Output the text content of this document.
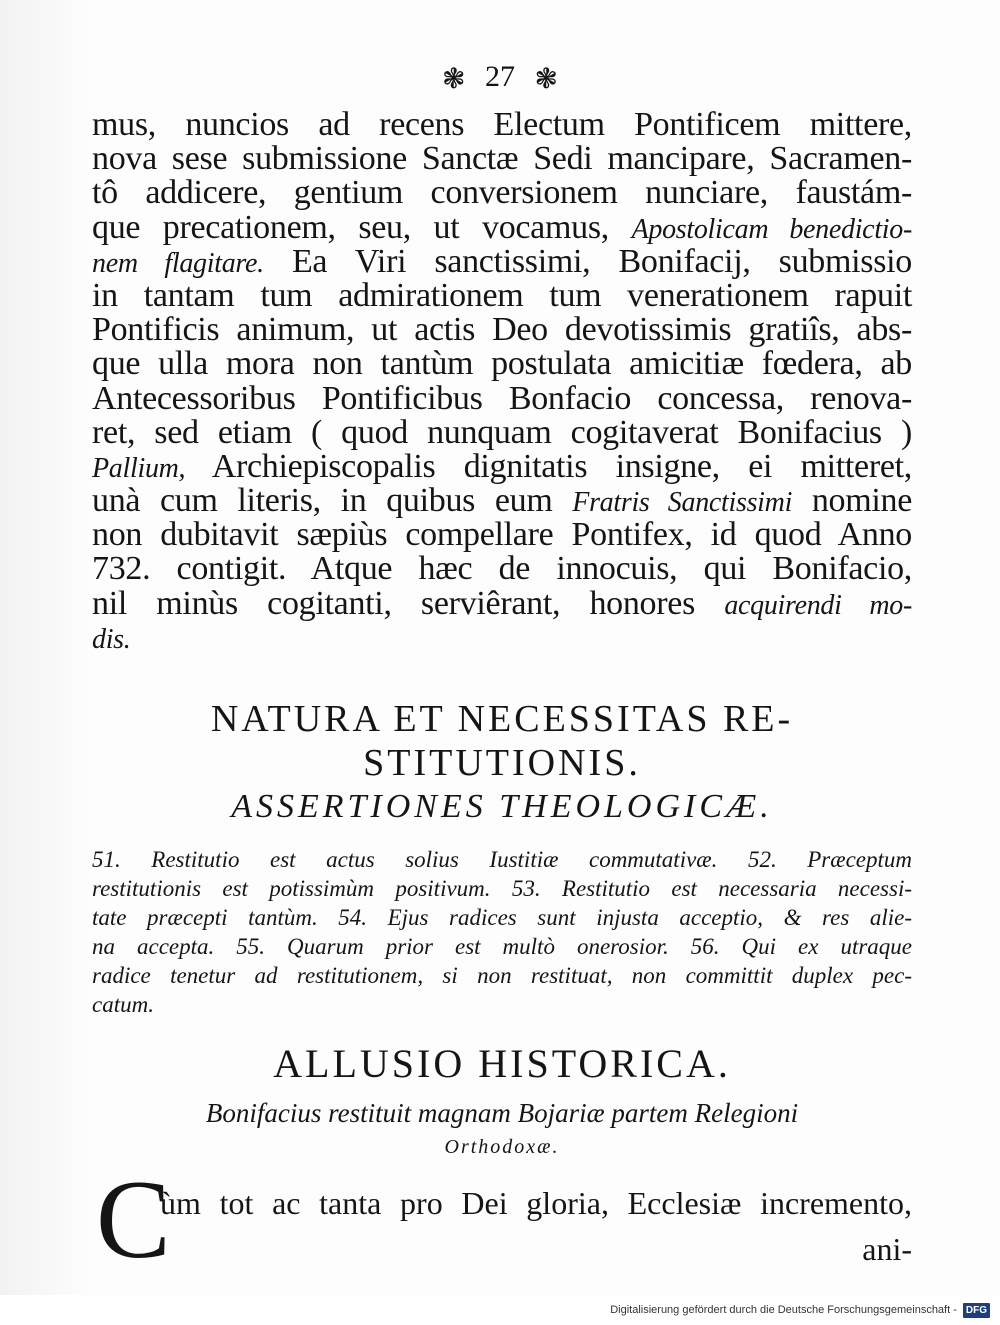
❃ 27 ❃
mus, nuncios ad recens Electum Pontificem mittere,
nova sese submissione Sanctæ Sedi mancipare, Sacramen-
tô addicere, gentium conversionem nunciare, faustám-
que precationem, seu, ut vocamus, Apostolicam benedictio-
nem flagitare. Ea Viri sanctissimi, Bonifacij, submissio
in tantam tum admirationem tum venerationem rapuit
Pontificis animum, ut actis Deo devotissimis gratiîs, abs-
que ulla mora non tantùm postulata amicitiæ fœdera, ab
Antecessoribus Pontificibus Bonfacio concessa, renova-
ret, sed etiam ( quod nunquam cogitaverat Bonifacius )
Pallium, Archiepiscopalis dignitatis insigne, ei mitteret,
unà cum literis, in quibus eum Fratris Sanctissimi nomine
non dubitavit sæpiùs compellare Pontifex, id quod Anno
732. contigit. Atque hæc de innocuis, qui Bonifacio,
nil minùs cogitanti, serviêrant, honores acquirendi mo-
dis.
NATURA ET NECESSITAS RE-
STITUTIONIS.
ASSERTIONES THEOLOGICÆ.
51. Restitutio est actus solius Iustitiæ commutativæ. 52. Præceptum
restitutionis est potissimùm positivum. 53. Restitutio est necessaria necessi-
tate præcepti tantùm. 54. Ejus radices sunt injusta acceptio, & res alie-
na accepta. 55. Quarum prior est multò onerosior. 56. Qui ex utraque
radice tenetur ad restitutionem, si non restituat, non committit duplex pec-
catum.
ALLUSIO HISTORICA.
Bonifacius restituit magnam Bojariæ partem Relegioni
Orthodoxæ.
C
ùm tot ac tanta pro Dei gloria, Ecclesiæ incremento,
ani-
Digitalisierung gefördert durch die Deutsche Forschungsgemeinschaft - DFG
